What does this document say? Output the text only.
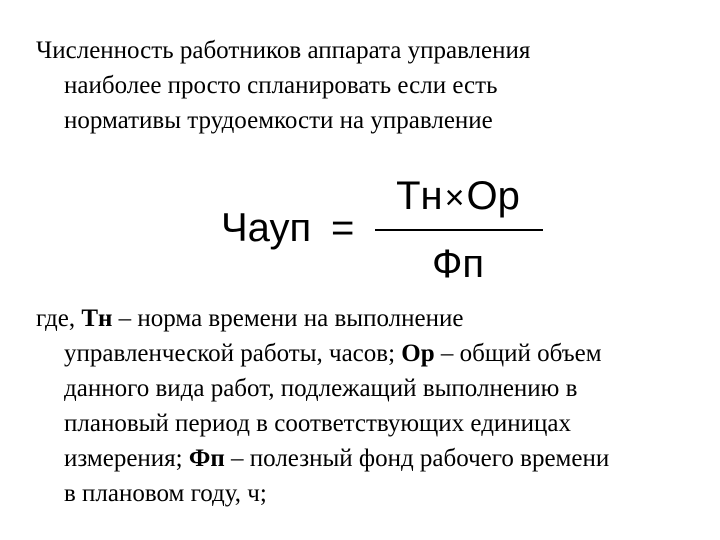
Численность работников аппарата управления
наиболее просто спланировать если есть
нормативы трудоемкости на управление

Чауп =
Тн×Ор
Фп

где, Тн – норма времени на выполнение
управленческой работы, часов; Ор – общий объем
данного вида работ, подлежащий выполнению в
плановый период в соответствующих единицах
измерения; Фп – полезный фонд рабочего времени
в плановом году, ч;
